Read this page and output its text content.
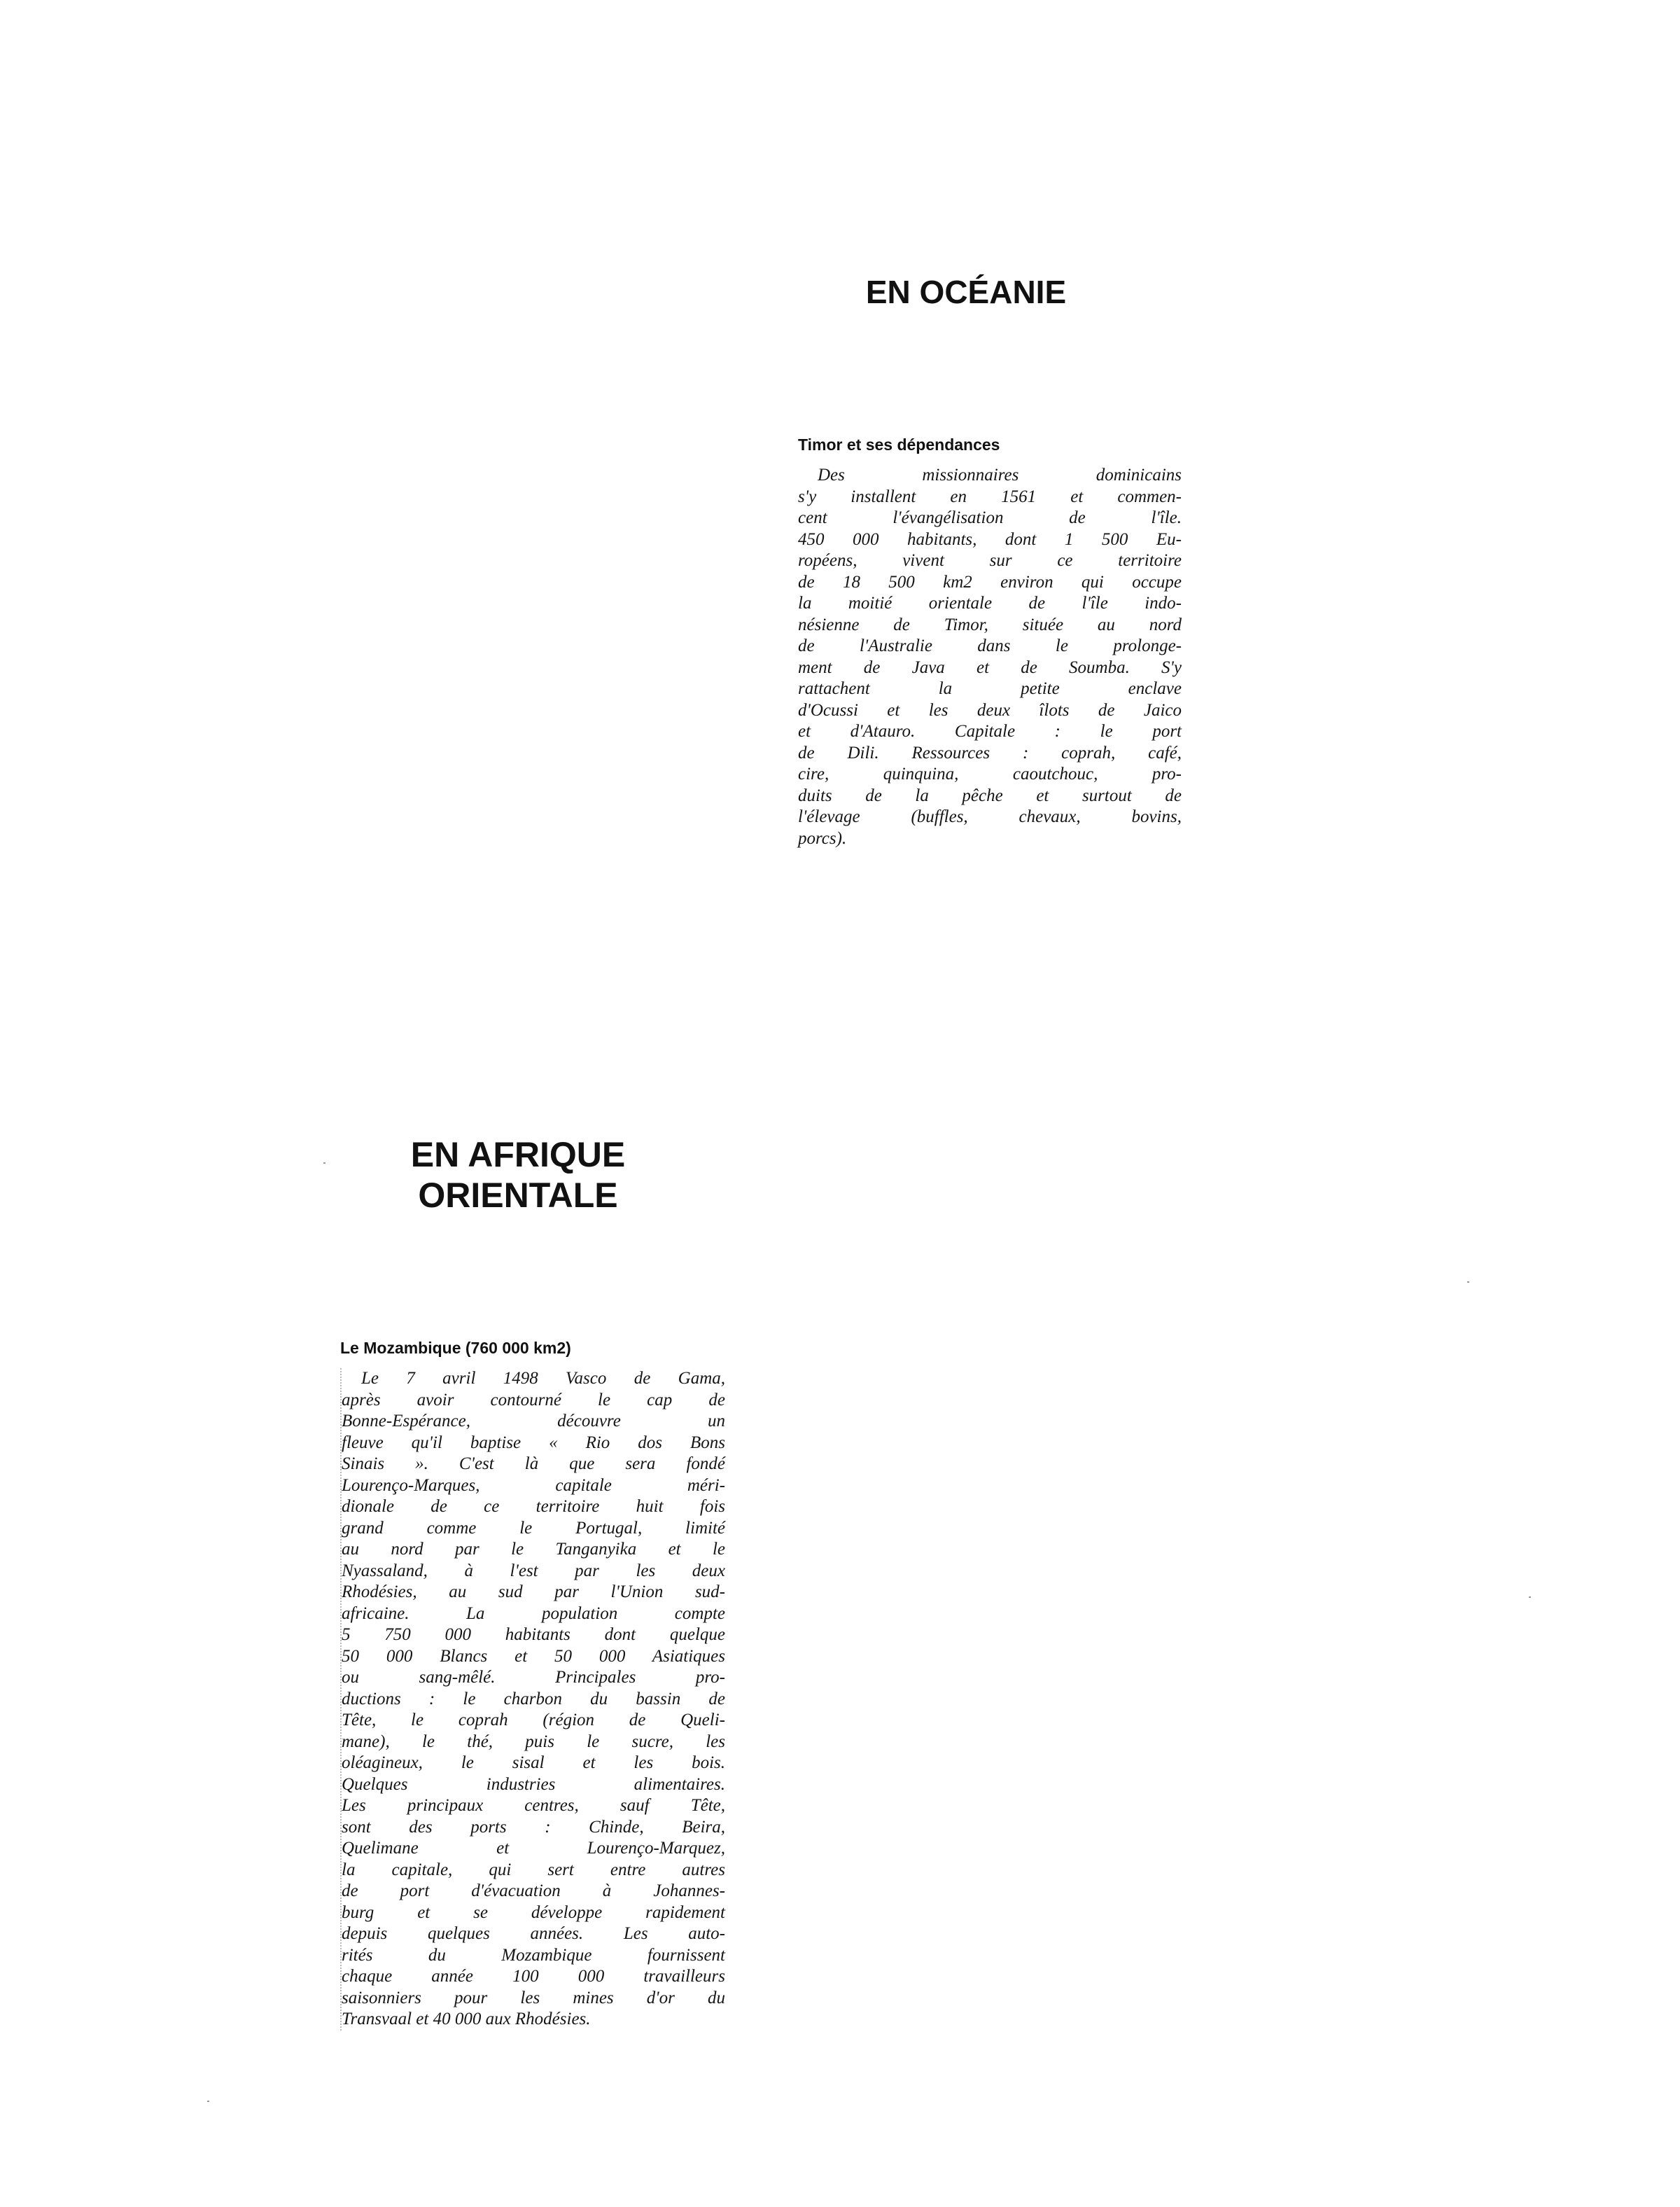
EN OCÉANIE
Timor et ses dépendances
Des missionnaires dominicains
s'y installent en 1561 et commen-
cent l'évangélisation de l'île.
450 000 habitants, dont 1 500 Eu-
ropéens, vivent sur ce territoire
de 18 500 km2 environ qui occupe
la moitié orientale de l'île indo-
nésienne de Timor, située au nord
de l'Australie dans le prolonge-
ment de Java et de Soumba. S'y
rattachent la petite enclave
d'Ocussi et les deux îlots de Jaico
et d'Atauro. Capitale : le port
de Dili. Ressources : coprah, café,
cire, quinquina, caoutchouc, pro-
duits de la pêche et surtout de
l'élevage (buffles, chevaux, bovins,
porcs).
EN AFRIQUE
ORIENTALE
Le Mozambique (760 000 km2)
Le 7 avril 1498 Vasco de Gama,
après avoir contourné le cap de
Bonne-Espérance, découvre un
fleuve qu'il baptise « Rio dos Bons
Sinais ». C'est là que sera fondé
Lourenço-Marques, capitale méri-
dionale de ce territoire huit fois
grand comme le Portugal, limité
au nord par le Tanganyika et le
Nyassaland, à l'est par les deux
Rhodésies, au sud par l'Union sud-
africaine. La population compte
5 750 000 habitants dont quelque
50 000 Blancs et 50 000 Asiatiques
ou sang-mêlé. Principales pro-
ductions : le charbon du bassin de
Tête, le coprah (région de Queli-
mane), le thé, puis le sucre, les
oléagineux, le sisal et les bois.
Quelques industries alimentaires.
Les principaux centres, sauf Tête,
sont des ports : Chinde, Beira,
Quelimane et Lourenço-Marquez,
la capitale, qui sert entre autres
de port d'évacuation à Johannes-
burg et se développe rapidement
depuis quelques années. Les auto-
rités du Mozambique fournissent
chaque année 100 000 travailleurs
saisonniers pour les mines d'or du
Transvaal et 40 000 aux Rhodésies.
